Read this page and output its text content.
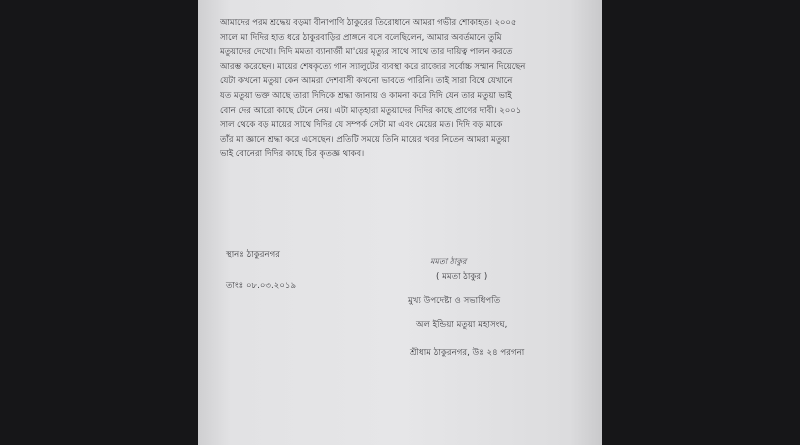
আমাদের পরম শ্রদ্ধেয় বড়মা বীনাপাণি ঠাকুরের তিরোধানে আমরা গভীর শোকাহত। ২০০৫
সালে মা দিদির হাত ধরে ঠাকুরবাড়ির প্রাঙ্গনে বসে বলেছিলেন, আমার অবর্তমানে তুমি
মতুয়াদের দেখো। দিদি মমতা ব্যানার্জী মা'য়ের মৃত্যুর সাথে সাথে তার দায়িত্ব পালন করতে
আরম্ভ করেছেন। মায়ের শেষকৃত্যে গান স্যালুটের ব্যবস্থা করে রাজ্যের সর্বোচ্চ সম্মান দিয়েছেন
যেটা কখনো মতুয়া কেন আমরা দেশবাসী কখনো ভাবতে পারিনি। তাই সারা বিশ্বে যেখানে
যত মতুয়া ভক্ত আছে তারা দিদিকে শ্রদ্ধা জানায় ও কামনা করে দিদি যেন তার মতুয়া ভাই
বোন দের আরো কাছে টেনে নেয়। এটা মাতৃহারা মতুয়াদের দিদির কাছে প্রাণের দাবী। ২০০১
সাল থেকে বড় মায়ের সাথে দিদির যে সম্পর্ক সেটা মা এবং মেয়ের মত। দিদি বড় মাকে
তাঁর মা জ্ঞানে শ্রদ্ধা করে এসেছেন। প্রতিটি সময়ে তিনি মায়ের খবর নিতেন আমরা মতুয়া
ভাই বোনেরা দিদির কাছে চির কৃতজ্ঞ থাকব।

স্থানঃ ঠাকুরনগর
তাংঃ ০৮.০৩.২০১৯
মমতা ঠাকুর
( মমতা ঠাকুর )
মুখ্য উপদেষ্টা ও সভাধিপতি
অল ইন্ডিয়া মতুয়া মহাসংঘ,
শ্রীধাম ঠাকুরনগর, উঃ ২৪ পরগনা
